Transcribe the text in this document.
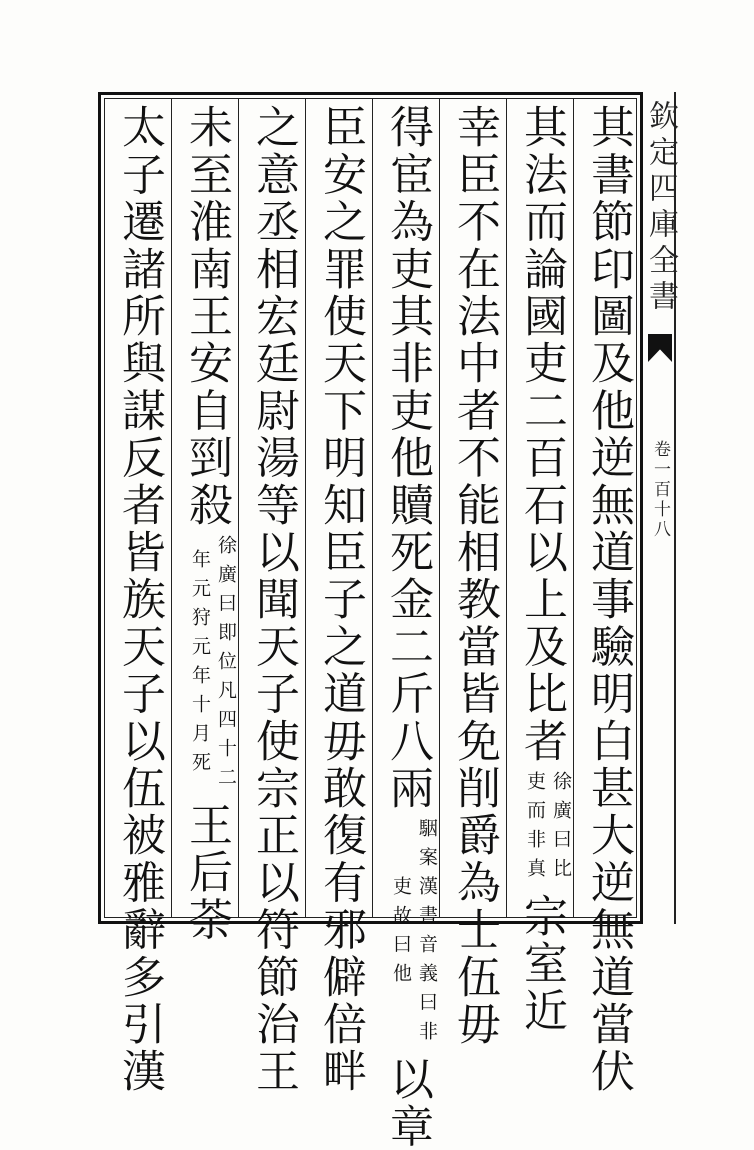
欽定四庫全書
卷一百十八
其書節印圖及他逆無道事驗明白甚大逆無道當伏
其法而論國吏二百石以上及比者
徐廣曰比
吏而非真
宗室近
幸臣不在法中者不能相教當皆免削爵為士伍毋
得宦為吏其非吏他贖死金二斤八兩
駰案漢書音義曰非
吏故曰他
以章
臣安之罪使天下明知臣子之道毋敢復有邪僻倍畔
之意丞相宏廷尉湯等以聞天子使宗正以符節治王
未至淮南王安自剄殺
徐廣曰即位凡四十二
年元狩元年十月死
王后荼
太子遷諸所與謀反者皆族天子以伍被雅辭多引漢
